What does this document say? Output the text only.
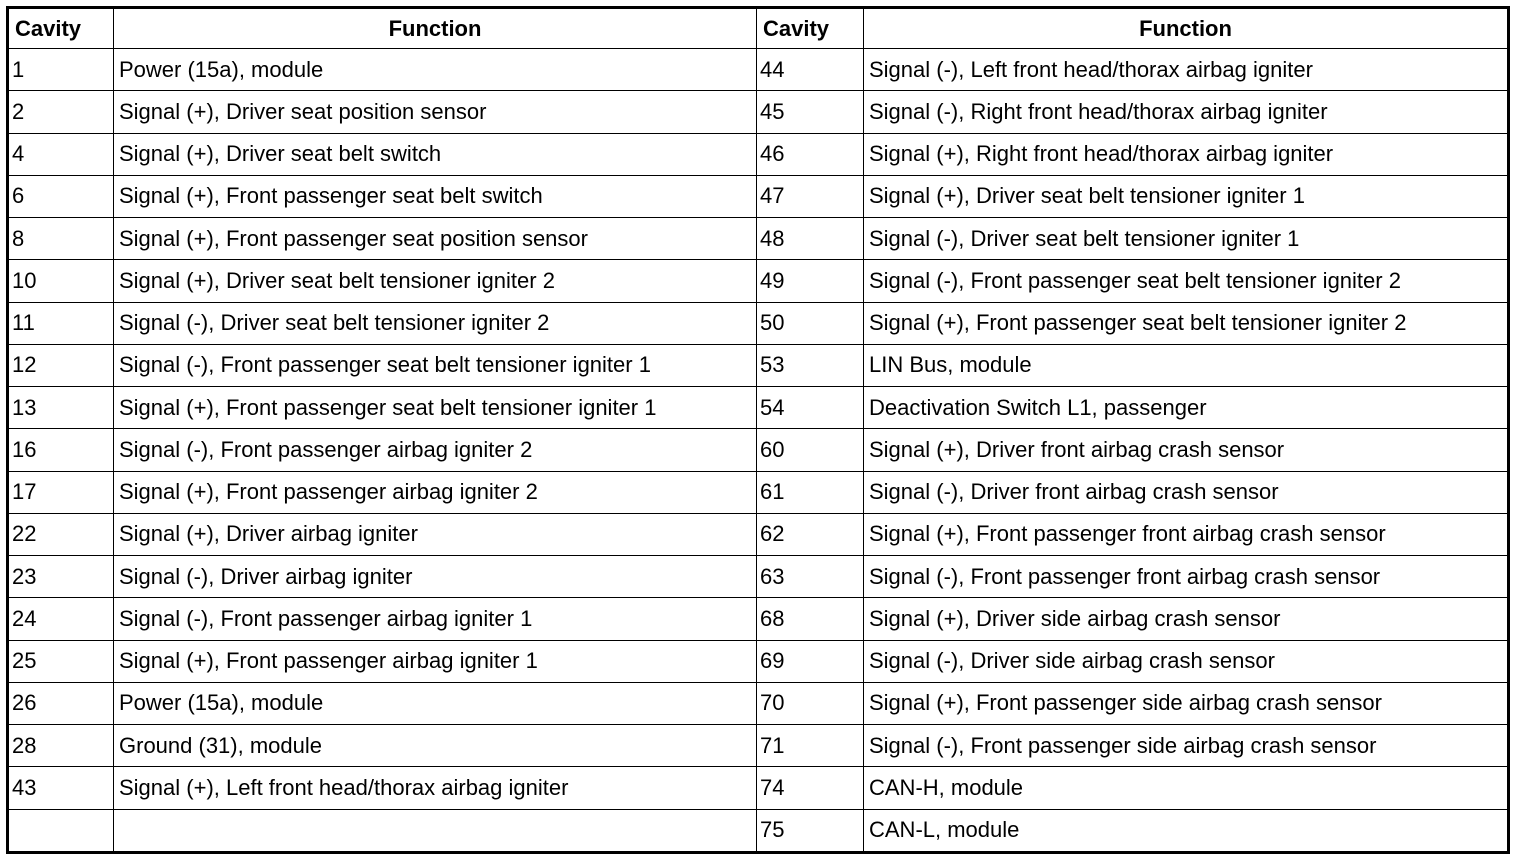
Cavity	Function	Cavity	Function
1	Power (15a), module	44	Signal (-), Left front head/thorax airbag igniter
2	Signal (+), Driver seat position sensor	45	Signal (-), Right front head/thorax airbag igniter
4	Signal (+), Driver seat belt switch	46	Signal (+), Right front head/thorax airbag igniter
6	Signal (+), Front passenger seat belt switch	47	Signal (+), Driver seat belt tensioner igniter 1
8	Signal (+), Front passenger seat position sensor	48	Signal (-), Driver seat belt tensioner igniter 1
10	Signal (+), Driver seat belt tensioner igniter 2	49	Signal (-), Front passenger seat belt tensioner igniter 2
11	Signal (-), Driver seat belt tensioner igniter 2	50	Signal (+), Front passenger seat belt tensioner igniter 2
12	Signal (-), Front passenger seat belt tensioner igniter 1	53	LIN Bus, module
13	Signal (+), Front passenger seat belt tensioner igniter 1	54	Deactivation Switch L1, passenger
16	Signal (-), Front passenger airbag igniter 2	60	Signal (+), Driver front airbag crash sensor
17	Signal (+), Front passenger airbag igniter 2	61	Signal (-), Driver front airbag crash sensor
22	Signal (+), Driver airbag igniter	62	Signal (+), Front passenger front airbag crash sensor
23	Signal (-), Driver airbag igniter	63	Signal (-), Front passenger front airbag crash sensor
24	Signal (-), Front passenger airbag igniter 1	68	Signal (+), Driver side airbag crash sensor
25	Signal (+), Front passenger airbag igniter 1	69	Signal (-), Driver side airbag crash sensor
26	Power (15a), module	70	Signal (+), Front passenger side airbag crash sensor
28	Ground (31), module	71	Signal (-), Front passenger side airbag crash sensor
43	Signal (+), Left front head/thorax airbag igniter	74	CAN-H, module
		75	CAN-L, module
